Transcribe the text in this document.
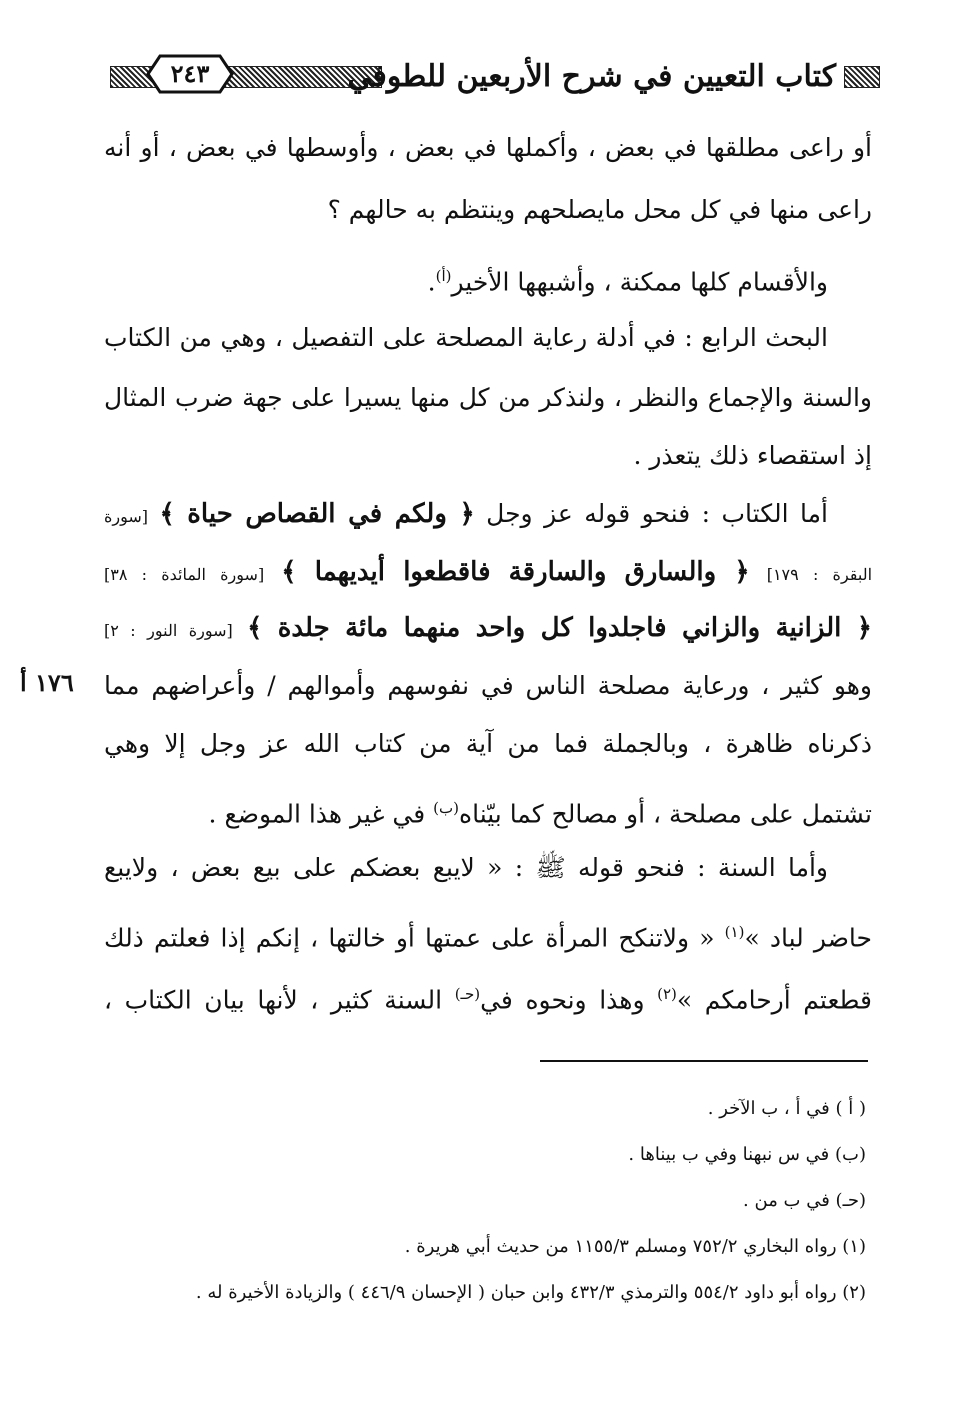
٢٤٣	كتاب التعيين في شرح الأربعين للطوفي
أو راعى مطلقها في بعض ، وأكملها في بعض ، وأوسطها في بعض ، أو أنه
راعى منها في كل محل مايصلحهم وينتظم به حالهم ؟
والأقسام كلها ممكنة ، وأشبهها الأخير$^{(أ)}$.
البحث الرابع : في أدلة رعاية المصلحة على التفصيل ، وهي من الكتاب
والسنة والإجماع والنظر ، ولنذكر من كل منها يسيرا على جهة ضرب المثال
إذ استقصاء ذلك يتعذر .
أما الكتاب : فنحو قوله عز وجل ﴿ ولكم في القصاص حياة ﴾ [سورة
البقرة : ١٧٩] ﴿ والسارق والسارقة فاقطعوا أيديهما ﴾ [سورة المائدة : ٣٨]
﴿ الزانية والزاني فاجلدوا كل واحد منهما مائة جلدة ﴾ [سورة النور : ٢]
١٧٦ أ وهو كثير ، ورعاية مصلحة الناس في نفوسهم وأموالهم / وأعراضهم مما
ذكرناه ظاهرة ، وبالجملة فما من آية من كتاب الله عز وجل إلا وهي
تشتمل على مصلحة ، أو مصالح كما بيّناه$^{(ب)}$ في غير هذا الموضع .
وأما السنة : فنحو قوله ﷺ : « لايبع بعضكم على بيع بعض ، ولايبع
حاضر لباد »$^{(١)}$ « ولاتنكح المرأة على عمتها أو خالتها ، إنكم إذا فعلتم ذلك
قطعتم أرحامكم »$^{(٢)}$ وهذا ونحوه في$^{(حـ)}$ السنة كثير ، لأنها بيان الكتاب ،
( أ ) في أ ، ب الآخر .
(ب) في س نبهنا وفي ب بيناها .
(حـ) في ب من .
(١) رواه البخاري ٧٥٢/٢ ومسلم ١١٥٥/٣ من حديث أبي هريرة .
(٢) رواه أبو داود ٥٥٤/٢ والترمذي ٤٣٢/٣ وابن حبان ( الإحسان ٤٤٦/٩ ) والزيادة الأخيرة له .
